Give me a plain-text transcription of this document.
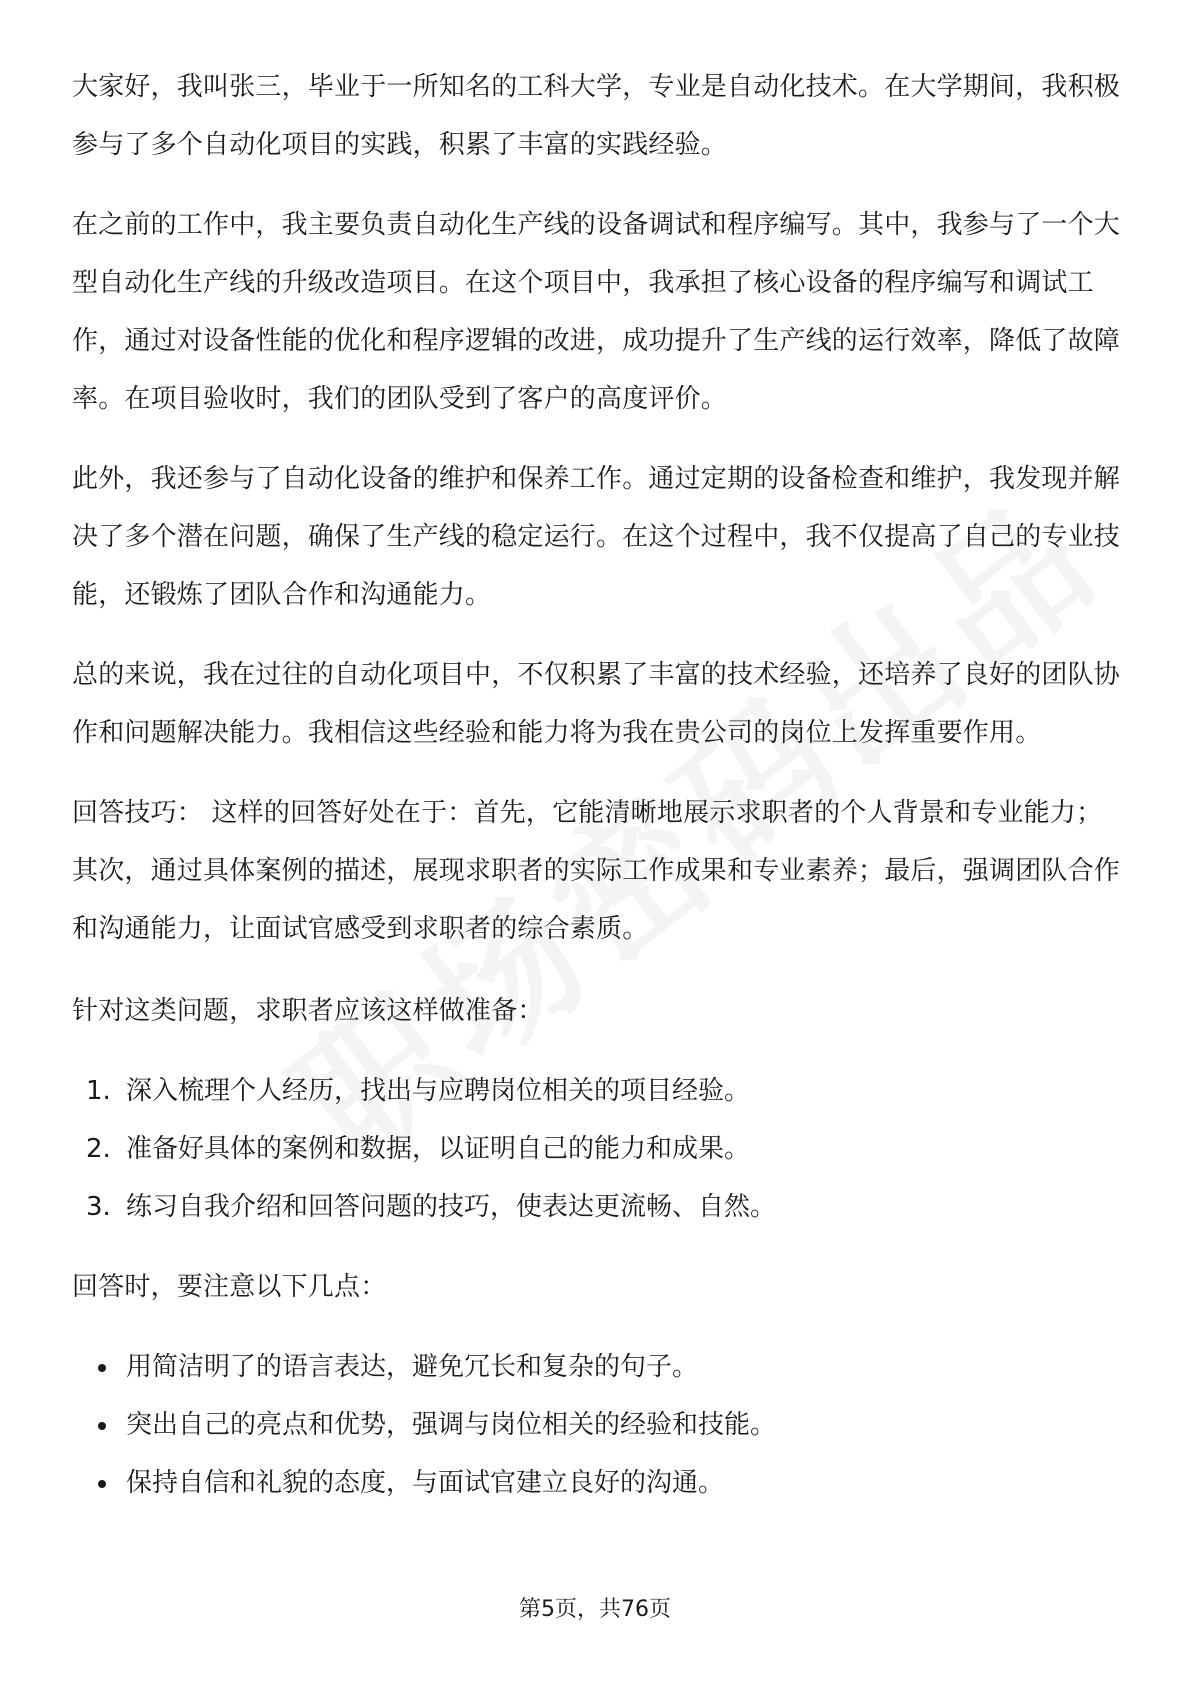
大家好，我叫张三，毕业于一所知名的工科大学，专业是自动化技术。在大学期间，我积极参与了多个自动化项目的实践，积累了丰富的实践经验。

在之前的工作中，我主要负责自动化生产线的设备调试和程序编写。其中，我参与了一个大型自动化生产线的升级改造项目。在这个项目中，我承担了核心设备的程序编写和调试工作，通过对设备性能的优化和程序逻辑的改进，成功提升了生产线的运行效率，降低了故障率。在项目验收时，我们的团队受到了客户的高度评价。

此外，我还参与了自动化设备的维护和保养工作。通过定期的设备检查和维护，我发现并解决了多个潜在问题，确保了生产线的稳定运行。在这个过程中，我不仅提高了自己的专业技能，还锻炼了团队合作和沟通能力。

总的来说，我在过往的自动化项目中，不仅积累了丰富的技术经验，还培养了良好的团队协作和问题解决能力。我相信这些经验和能力将为我在贵公司的岗位上发挥重要作用。

回答技巧： 这样的回答好处在于：首先，它能清晰地展示求职者的个人背景和专业能力；其次，通过具体案例的描述，展现求职者的实际工作成果和专业素养；最后，强调团队合作和沟通能力，让面试官感受到求职者的综合素质。

针对这类问题，求职者应该这样做准备：

1. 深入梳理个人经历，找出与应聘岗位相关的项目经验。
2. 准备好具体的案例和数据，以证明自己的能力和成果。
3. 练习自我介绍和回答问题的技巧，使表达更流畅、自然。

回答时，要注意以下几点：

用简洁明了的语言表达，避免冗长和复杂的句子。
突出自己的亮点和优势，强调与岗位相关的经验和技能。
保持自信和礼貌的态度，与面试官建立良好的沟通。
第5页，共76页
